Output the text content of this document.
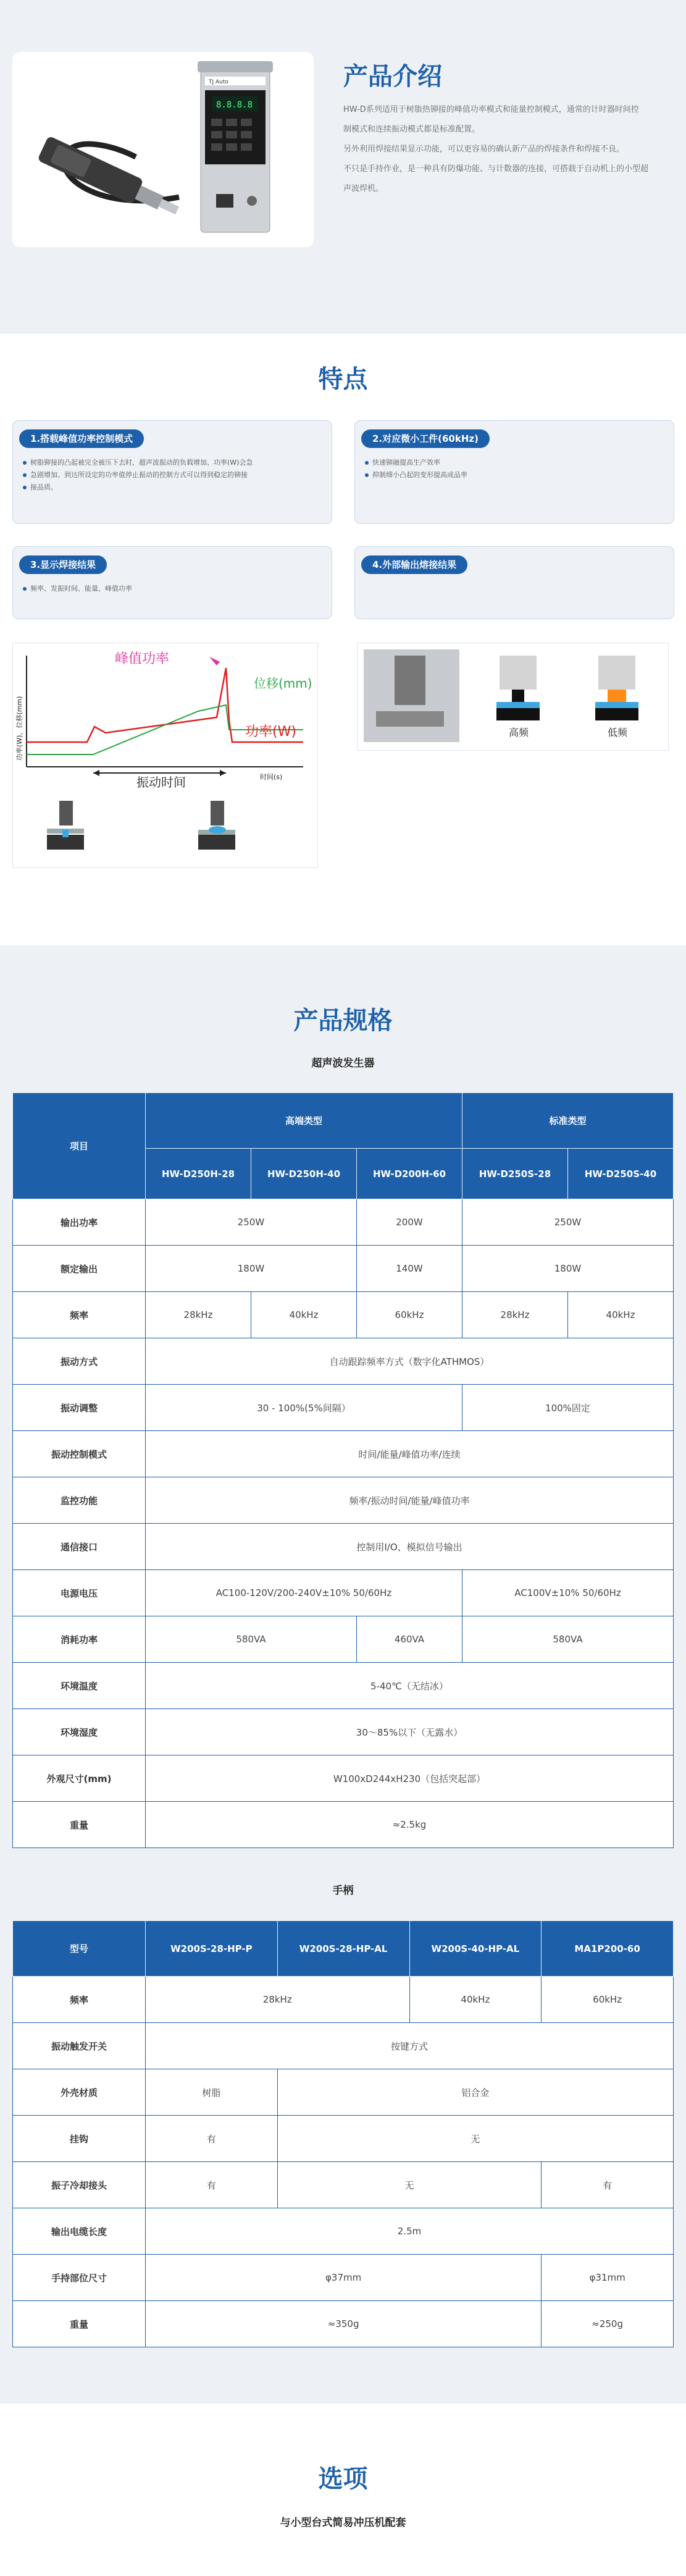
TJ Auto
8.8.8.8
产品介绍
HW-D系列适用于树脂热铆接的峰值功率模式和能量控制模式，通常的计时器时间控
制模式和连续振动模式都是标准配置。
另外利用焊接结果显示功能，可以更容易的确认新产品的焊接条件和焊接不良。
不只是手持作业，是一种具有防爆功能、与计数器的连接，可搭载于自动机上的小型超
声波焊机。
特点
1.搭载峰值功率控制模式
树脂铆接的凸起被完全被压下去时，超声波振动的负载增加、功率(W)会急
急剧增加。到达所设定的功率值停止振动的控制方式可以得到稳定的铆接
接品质。
2.对应微小工件(60kHz)
快速铆融提高生产效率
抑制细小凸起的变形提高成品率
3.显示焊接结果
频率、发振时间、能量、峰值功率
4.外部输出熔接结果
峰值功率
位移(mm)
功率(W)
功率(W)，位移(mm)
时间(s)
振动时间
高频	低频
产品规格
超声波发生器
项目	高端类型			标准类型	
	HW-D250H-28	HW-D250H-40	HW-D200H-60	HW-D250S-28	HW-D250S-40
输出功率	250W		200W	250W	
额定输出	180W		140W	180W	
频率	28kHz	40kHz	60kHz	28kHz	40kHz
振动方式	自动跟踪频率方式（数字化ATHMOS）				
振动调整	30 - 100%(5%间隔）			100%固定	
振动控制模式	时间/能量/峰值功率/连续				
监控功能	频率/振动时间/能量/峰值功率				
通信接口	控制用I/O、模拟信号输出				
电源电压	AC100-120V/200-240V±10% 50/60Hz			AC100V±10% 50/60Hz	
消耗功率	580VA		460VA	580VA	
环境温度	5-40℃（无结冰）				
环境湿度	30～85%以下（无露水）				
外观尺寸(mm)	W100xD244xH230（包括突起部）				
重量	≈2.5kg				
手柄
型号	W200S-28-HP-P	W200S-28-HP-AL	W200S-40-HP-AL	MA1P200-60
频率	28kHz		40kHz	60kHz
振动触发开关	按键方式			
外壳材质	树脂	铝合金		
挂钩	有	无		
振子冷却接头	有	无		有
输出电缆长度	2.5m			
手持部位尺寸	φ37mm			φ31mm
重量	≈350g			≈250g
选项
与小型台式简易冲压机配套
